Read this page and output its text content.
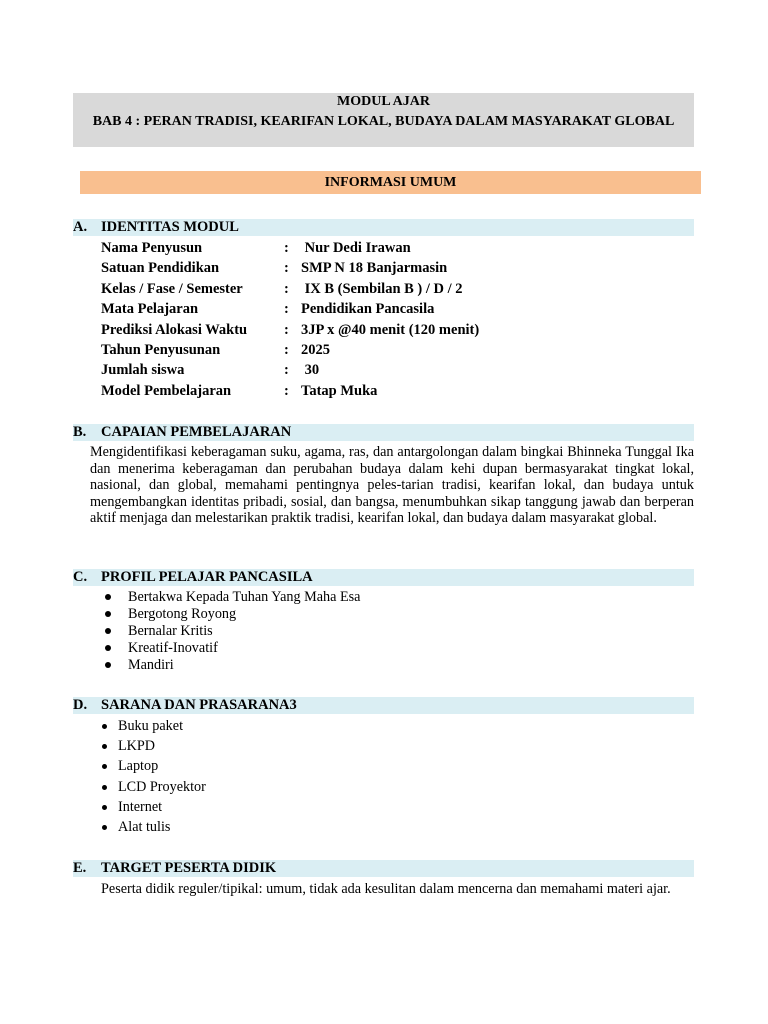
MODUL AJAR
BAB 4 : PERAN TRADISI, KEARIFAN LOKAL, BUDAYA DALAM MASYARAKAT GLOBAL
INFORMASI UMUM
A. IDENTITAS MODUL
Nama Penyusun	: Nur Dedi Irawan
Satuan Pendidikan	: SMP N 18 Banjarmasin
Kelas / Fase / Semester	: IX B (Sembilan B ) / D / 2
Mata Pelajaran	: Pendidikan Pancasila
Prediksi Alokasi Waktu	: 3JP x @40 menit (120 menit)
Tahun Penyusunan	: 2025
Jumlah siswa	: 30
Model Pembelajaran	: Tatap Muka
B. CAPAIAN PEMBELAJARAN
Mengidentifikasi keberagaman suku, agama, ras, dan antargolongan dalam bingkai Bhinneka Tunggal Ika dan menerima keberagaman dan perubahan budaya dalam kehi dupan bermasyarakat tingkat lokal, nasional, dan global, memahami pentingnya peles-tarian tradisi, kearifan lokal, dan budaya untuk mengembangkan identitas pribadi, sosial, dan bangsa, menumbuhkan sikap tanggung jawab dan berperan aktif menjaga dan melestarikan praktik tradisi, kearifan lokal, dan budaya dalam masyarakat global.
C. PROFIL PELAJAR PANCASILA
Bertakwa Kepada Tuhan Yang Maha Esa
Bergotong Royong
Bernalar Kritis
Kreatif-Inovatif
Mandiri
D. SARANA DAN PRASARANA3
Buku paket
LKPD
Laptop
LCD Proyektor
Internet
Alat tulis
E. TARGET PESERTA DIDIK
Peserta didik reguler/tipikal: umum, tidak ada kesulitan dalam mencerna dan memahami materi ajar.
